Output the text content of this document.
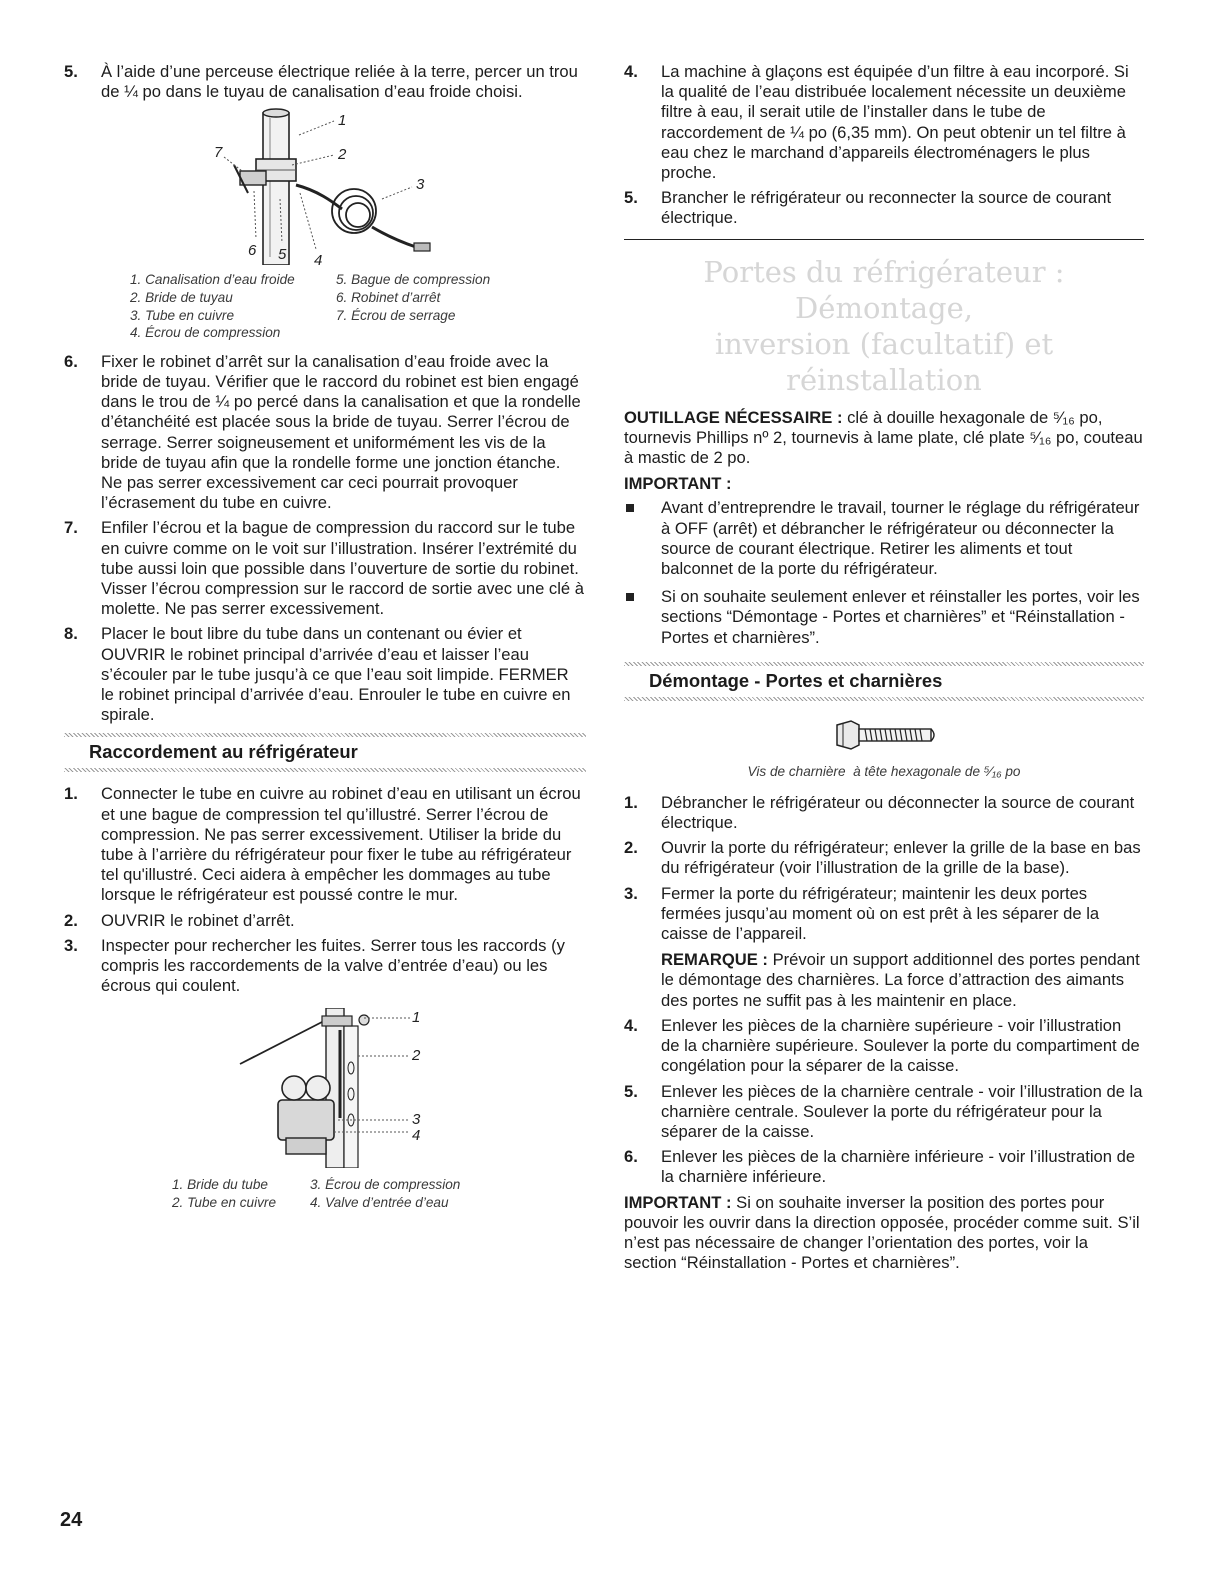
5. À l’aide d’une perceuse électrique reliée à la terre, percer un trou de ¼ po dans le tuyau de canalisation d’eau froide choisi.
1
2
3
4
5
6
7
1. Canalisation d’eau froide	5. Bague de compression
2. Bride de tuyau	6. Robinet d’arrêt
3. Tube en cuivre	7. Écrou de serrage
4. Écrou de compression
6. Fixer le robinet d’arrêt sur la canalisation d’eau froide avec la bride de tuyau. Vérifier que le raccord du robinet est bien engagé dans le trou de ¼ po percé dans la canalisation et que la rondelle d’étanchéité est placée sous la bride de tuyau. Serrer l’écrou de serrage. Serrer soigneusement et uniformément les vis de la bride de tuyau afin que la rondelle forme une jonction étanche. Ne pas serrer excessivement car ceci pourrait provoquer l’écrasement du tube en cuivre.
7. Enfiler l’écrou et la bague de compression du raccord sur le tube en cuivre comme on le voit sur l’illustration. Insérer l’extrémité du tube aussi loin que possible dans l’ouverture de sortie du robinet. Visser l’écrou compression sur le raccord de sortie avec une clé à molette. Ne pas serrer excessivement.
8. Placer le bout libre du tube dans un contenant ou évier et OUVRIR le robinet principal d’arrivée d’eau et laisser l’eau s’écouler par le tube jusqu’à ce que l’eau soit limpide. FERMER le robinet principal d’arrivée d’eau. Enrouler le tube en cuivre en spirale.
Raccordement au réfrigérateur
1. Connecter le tube en cuivre au robinet d’eau en utilisant un écrou et une bague de compression tel qu’illustré. Serrer l’écrou de compression. Ne pas serrer excessivement. Utiliser la bride du tube à l’arrière du réfrigérateur pour fixer le tube au réfrigérateur tel qu'illustré. Ceci aidera à empêcher les dommages au tube lorsque le réfrigérateur est poussé contre le mur.
2. OUVRIR le robinet d’arrêt.
3. Inspecter pour rechercher les fuites. Serrer tous les raccords (y compris les raccordements de la valve d’entrée d’eau) ou les écrous qui coulent.
1
2
3
4
1. Bride du tube	3. Écrou de compression
2. Tube en cuivre	4. Valve d’entrée d’eau
4. La machine à glaçons est équipée d’un filtre à eau incorporé. Si la qualité de l’eau distribuée localement nécessite un deuxième filtre à eau, il serait utile de l’installer dans le tube de raccordement de ¼ po (6,35 mm). On peut obtenir un tel filtre à eau chez le marchand d’appareils électroménagers le plus proche.
5. Brancher le réfrigérateur ou reconnecter la source de courant électrique.
Portes du réfrigérateur : Démontage,
inversion (facultatif) et réinstallation

OUTILLAGE NÉCESSAIRE : clé à douille hexagonale de ⁵⁄₁₆ po, tournevis Phillips nº 2, tournevis à lame plate, clé plate ⁵⁄₁₆ po, couteau à mastic de 2 po.

IMPORTANT :

Avant d’entreprendre le travail, tourner le réglage du réfrigérateur à OFF (arrêt) et débrancher le réfrigérateur ou déconnecter la source de courant électrique. Retirer les aliments et tout balconnet de la porte du réfrigérateur.
Si on souhaite seulement enlever et réinstaller les portes, voir les sections “Démontage - Portes et charnières” et “Réinstallation - Portes et charnières”.
Démontage - Portes et charnières
Vis de charnière  à tête hexagonale de ⁵⁄₁₆ po
1. Débrancher le réfrigérateur ou déconnecter la source de courant électrique.
2. Ouvrir la porte du réfrigérateur; enlever la grille de la base en bas du réfrigérateur (voir l’illustration de la grille de la base).
3. Fermer la porte du réfrigérateur; maintenir les deux portes fermées jusqu’au moment où on est prêt à les séparer de la caisse de l’appareil.
REMARQUE : Prévoir un support additionnel des portes pendant le démontage des charnières. La force d’attraction des aimants des portes ne suffit pas à les maintenir en place.
4. Enlever les pièces de la charnière supérieure - voir l’illustration de la charnière supérieure. Soulever la porte du compartiment de congélation pour la séparer de la caisse.
5. Enlever les pièces de la charnière centrale - voir l’illustration de la charnière centrale. Soulever la porte du réfrigérateur pour la séparer de la caisse.
6. Enlever les pièces de la charnière inférieure - voir l’illustration de la charnière inférieure.

IMPORTANT : Si on souhaite inverser la position des portes pour pouvoir les ouvrir dans la direction opposée, procéder comme suit. S’il n’est pas nécessaire de changer l’orientation des portes, voir la section “Réinstallation - Portes et charnières”.

24
